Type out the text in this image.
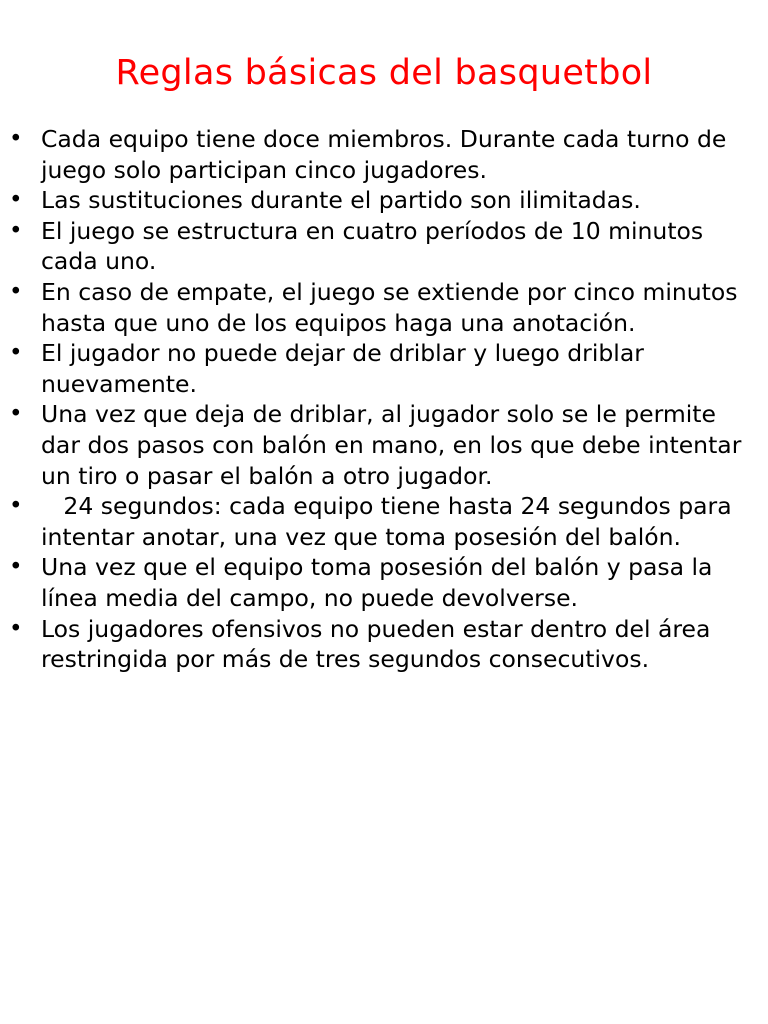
Reglas básicas del basquetbol
• Cada equipo tiene doce miembros. Durante cada turno de juego solo participan cinco jugadores.
• Las sustituciones durante el partido son ilimitadas.
• El juego se estructura en cuatro períodos de 10 minutos cada uno.
• En caso de empate, el juego se extiende por cinco minutos hasta que uno de los equipos haga una anotación.
• El jugador no puede dejar de driblar y luego driblar nuevamente.
• Una vez que deja de driblar, al jugador solo se le permite dar dos pasos con balón en mano, en los que debe intentar un tiro o pasar el balón a otro jugador.
• 24 segundos: cada equipo tiene hasta 24 segundos para intentar anotar, una vez que toma posesión del balón.
• Una vez que el equipo toma posesión del balón y pasa la línea media del campo, no puede devolverse.
• Los jugadores ofensivos no pueden estar dentro del área restringida por más de tres segundos consecutivos.
